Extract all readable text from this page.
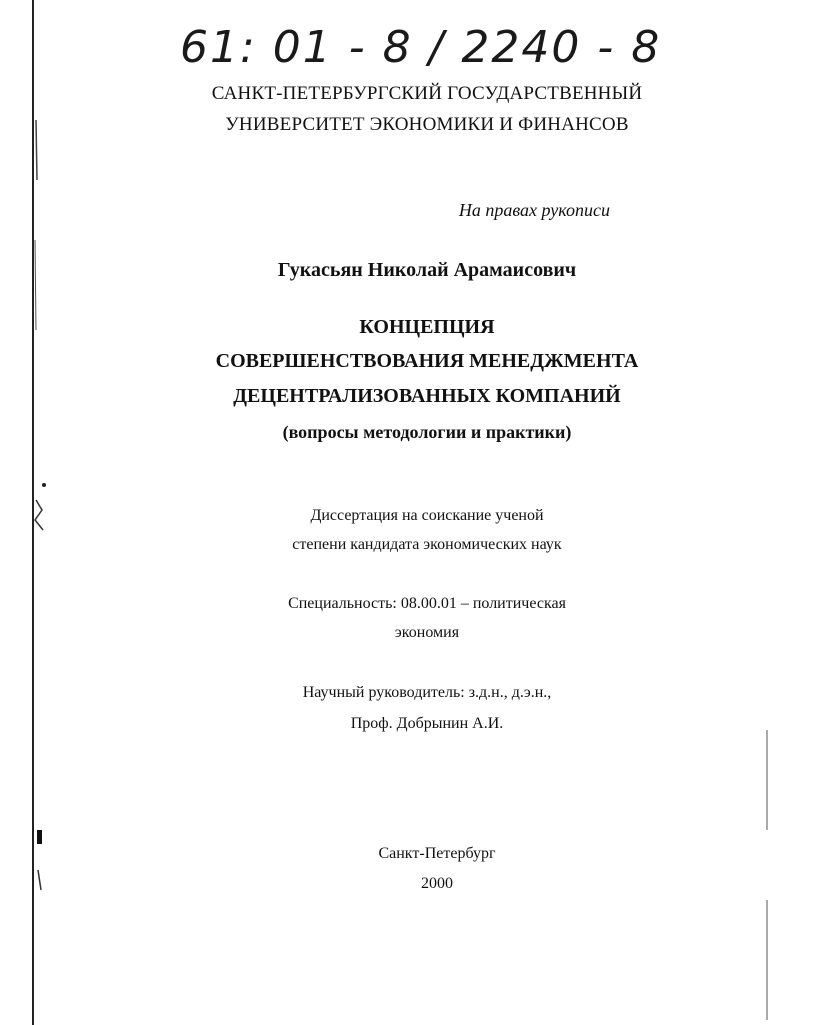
61: 01 - 8 / 2240 - 8
САНКТ-ПЕТЕРБУРГСКИЙ ГОСУДАРСТВЕННЫЙ
УНИВЕРСИТЕТ ЭКОНОМИКИ И ФИНАНСОВ
На правах рукописи
Гукасьян Николай Арамаисович
КОНЦЕПЦИЯ
СОВЕРШЕНСТВОВАНИЯ МЕНЕДЖМЕНТА
ДЕЦЕНТРАЛИЗОВАННЫХ КОМПАНИЙ
(вопросы методологии и практики)
Диссертация на соискание ученой
степени кандидата экономических наук
Специальность: 08.00.01 – политическая
экономия
Научный руководитель: з.д.н., д.э.н.,
Проф. Добрынин А.И.
Санкт-Петербург
2000
